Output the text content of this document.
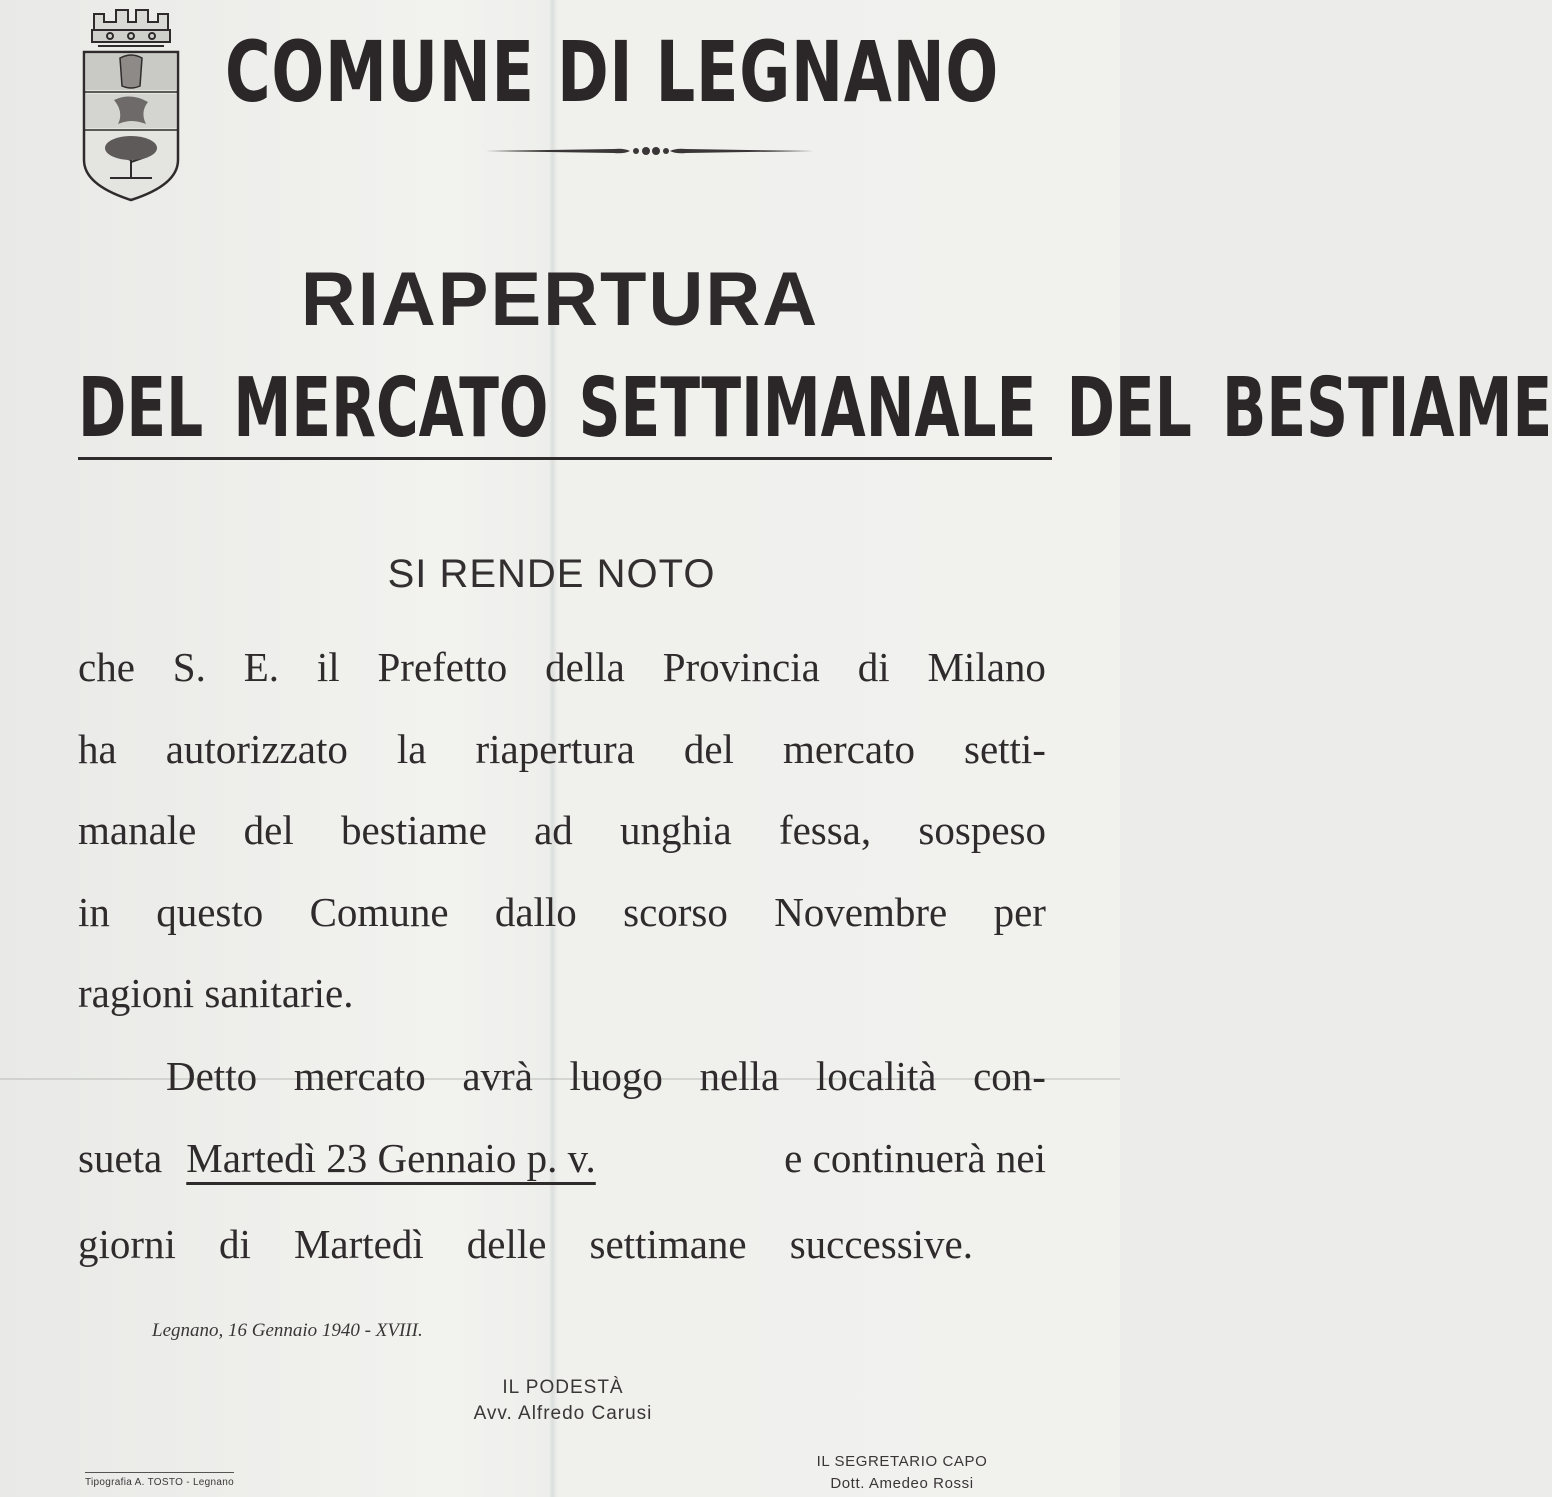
COMUNE DI LEGNANO
RIAPERTURA
DEL MERCATO SETTIMANALE DEL BESTIAME
SI RENDE NOTO
che S. E. il Prefetto della Provincia di Milano
ha autorizzato la riapertura del mercato setti-
manale del bestiame ad unghia fessa, sospeso
in questo Comune dallo scorso Novembre per
ragioni sanitarie.
Detto mercato avrà luogo nella località con-
sueta Martedì 23 Gennaio p. v.	e continuerà nei
giorni di Martedì delle settimane successive.
Legnano, 16 Gennaio 1940 - XVIII.
IL PODESTÀ
Avv. Alfredo Carusi
IL SEGRETARIO CAPO
Dott. Amedeo Rossi
Tipografia A. TOSTO - Legnano
